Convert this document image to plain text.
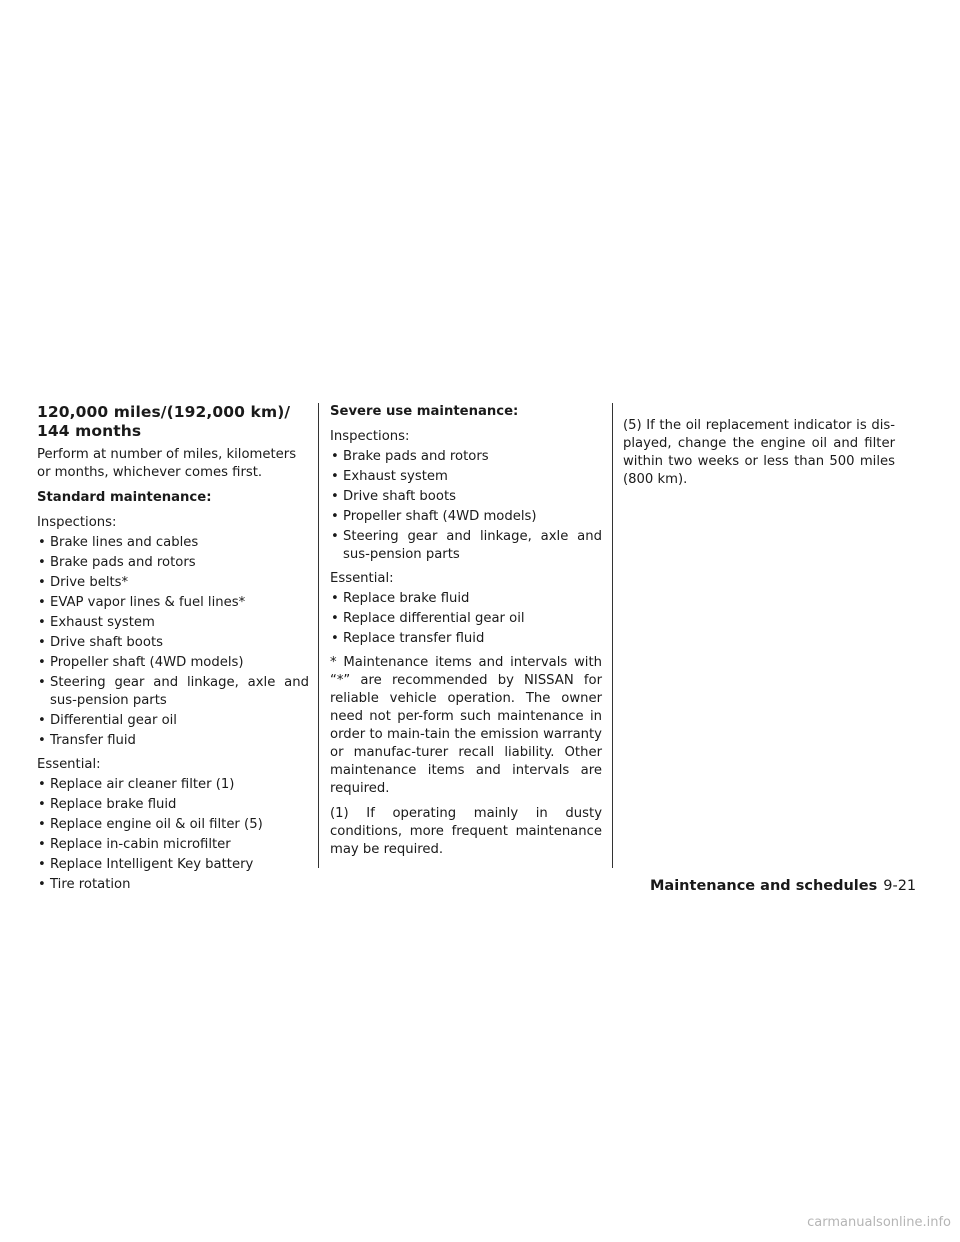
120,000 miles/(192,000 km)/
144 months

Perform at number of miles, kilometers or months, whichever comes first.

Standard maintenance:

Inspections:

• Brake lines and cables
• Brake pads and rotors
• Drive belts*
• EVAP vapor lines & fuel lines*
• Exhaust system
• Drive shaft boots
• Propeller shaft (4WD models)
• Steering gear and linkage, axle and sus-pension parts
• Differential gear oil
• Transfer fluid

Essential:

• Replace air cleaner filter (1)
• Replace brake fluid
• Replace engine oil & oil filter (5)
• Replace in-cabin microfilter
• Replace Intelligent Key battery
• Tire rotation

Severe use maintenance:

Inspections:

• Brake pads and rotors
• Exhaust system
• Drive shaft boots
• Propeller shaft (4WD models)
• Steering gear and linkage, axle and sus-pension parts

Essential:

• Replace brake fluid
• Replace differential gear oil
• Replace transfer fluid

* Maintenance items and intervals with “*” are recommended by NISSAN for reliable vehicle operation. The owner need not per-form such maintenance in order to main-tain the emission warranty or manufac-turer recall liability. Other maintenance items and intervals are required.

(1) If operating mainly in dusty conditions, more frequent maintenance may be required.

(5) If the oil replacement indicator is dis-played, change the engine oil and filter within two weeks or less than 500 miles (800 km).

Maintenance and schedules 9-21
carmanualsonline.info
